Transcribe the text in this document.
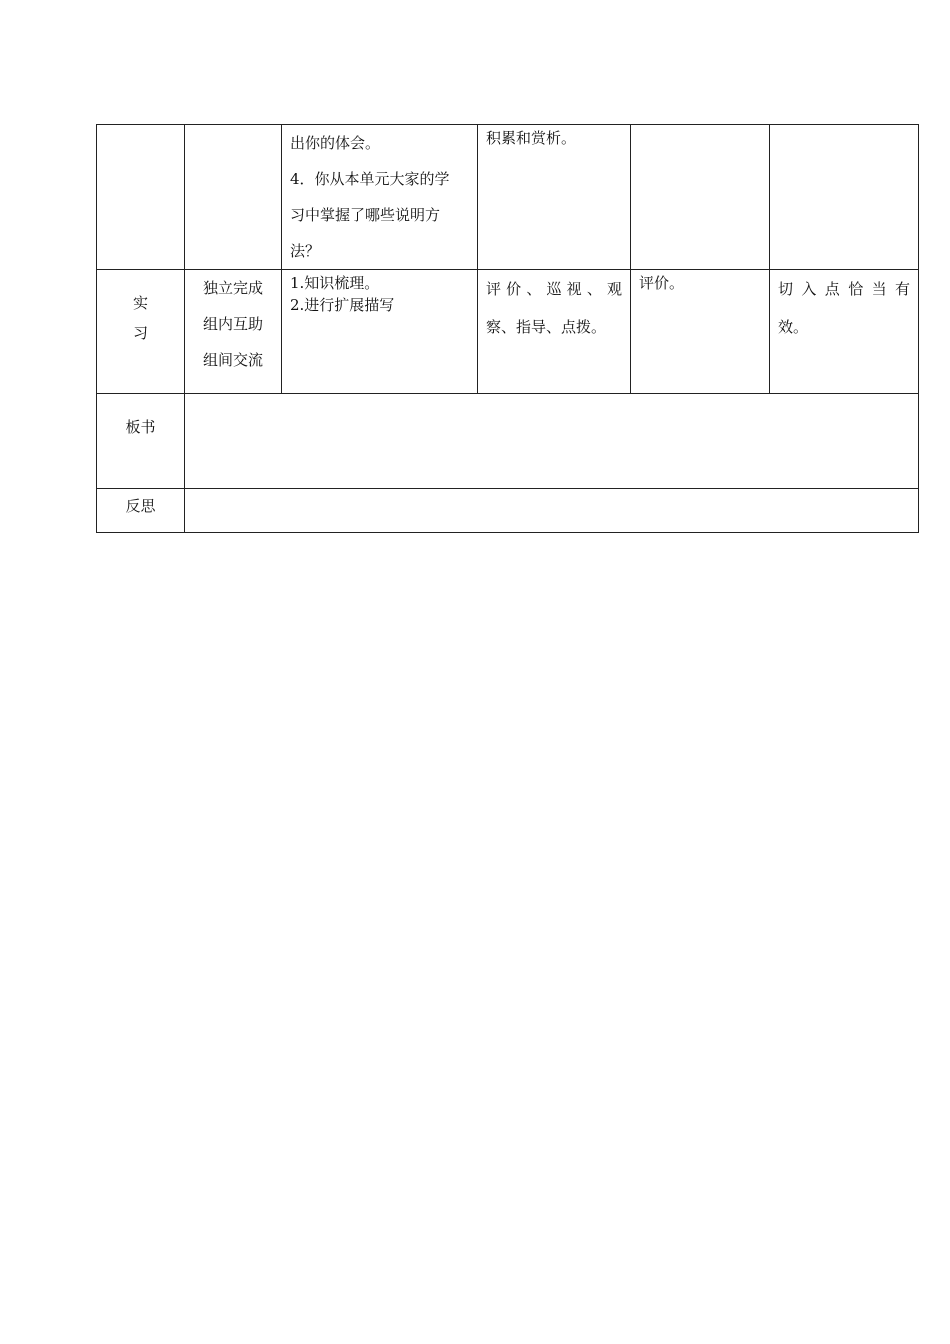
		出你的体会。
4．你从本单元大家的学
习中掌握了哪些说明方
法？	积累和赏析。		

实
习	独立完成
组内互助
组间交流	1.知识梳理。
2.进行扩展描写	评价、巡视、观
察、指导、点拨。	评价。	切入点恰当有
效。

板书					
反思					
